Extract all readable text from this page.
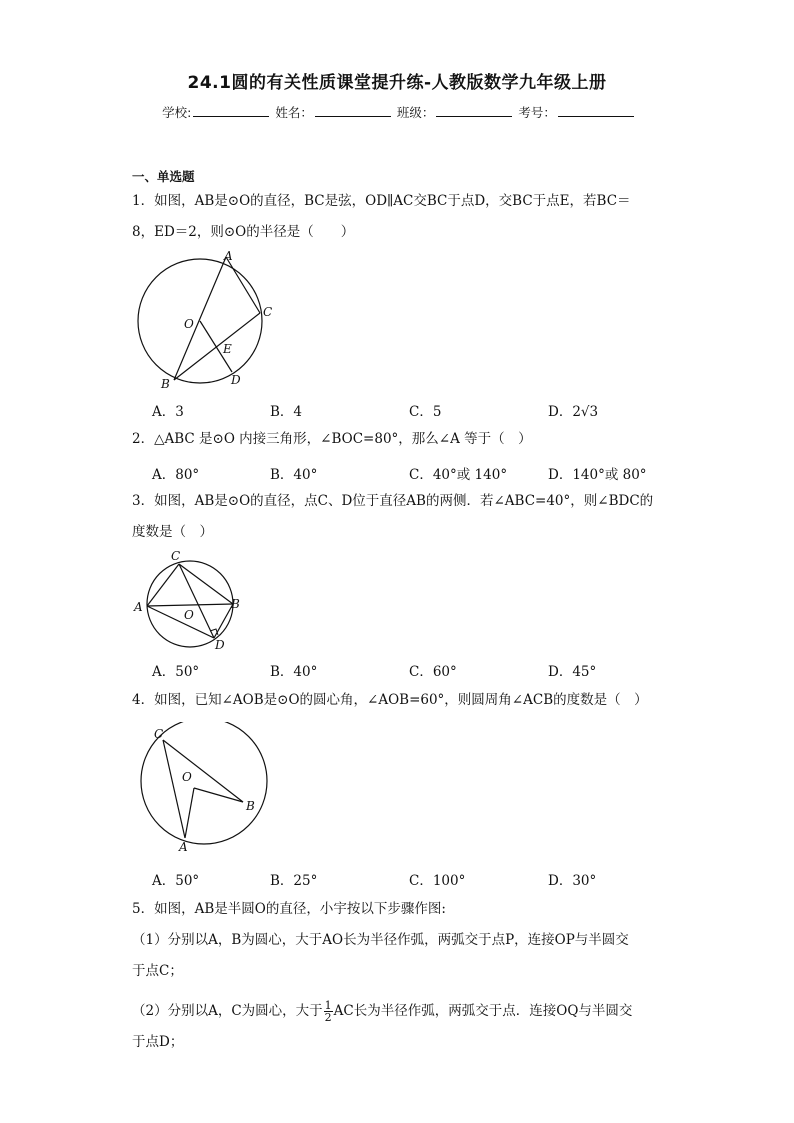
24.1圆的有关性质课堂提升练-人教版数学九年级上册
学校:	姓名：	班级：	考号：
一、单选题
1．如图，AB是⊙O的直径，BC是弦，OD∥AC交BC于点D，交BC于点E，若BC＝
8，ED＝2，则⊙O的半径是（　　）
A
C
O
E
B	D
A．3	B．4	C．5	D．2√3
2．△ABC 是⊙O 内接三角形，∠BOC=80°，那么∠A 等于（　）
A．80°	B．40°	C．40°或 140°	D．140°或 80°
3．如图，AB是⊙O的直径，点C、D位于直径AB的两侧．若∠ABC=40°，则∠BDC的
度数是（　）
C
A
O
B
D
A．50°	B．40°	C．60°	D．45°
4．如图，已知∠AOB是⊙O的圆心角，∠AOB=60°，则圆周角∠ACB的度数是（　）
C
O
B
A
A．50°	B．25°	C．100°	D．30°
5．如图，AB是半圆O的直径，小宇按以下步骤作图:
（1）分别以A，B为圆心，大于AO长为半径作弧，两弧交于点P，连接OP与半圆交
于点C；
（2）分别以A，C为圆心，大于 $\frac{1}{2}$ AC长为半径作弧，两弧交于点．连接OQ与半圆交
于点D；
